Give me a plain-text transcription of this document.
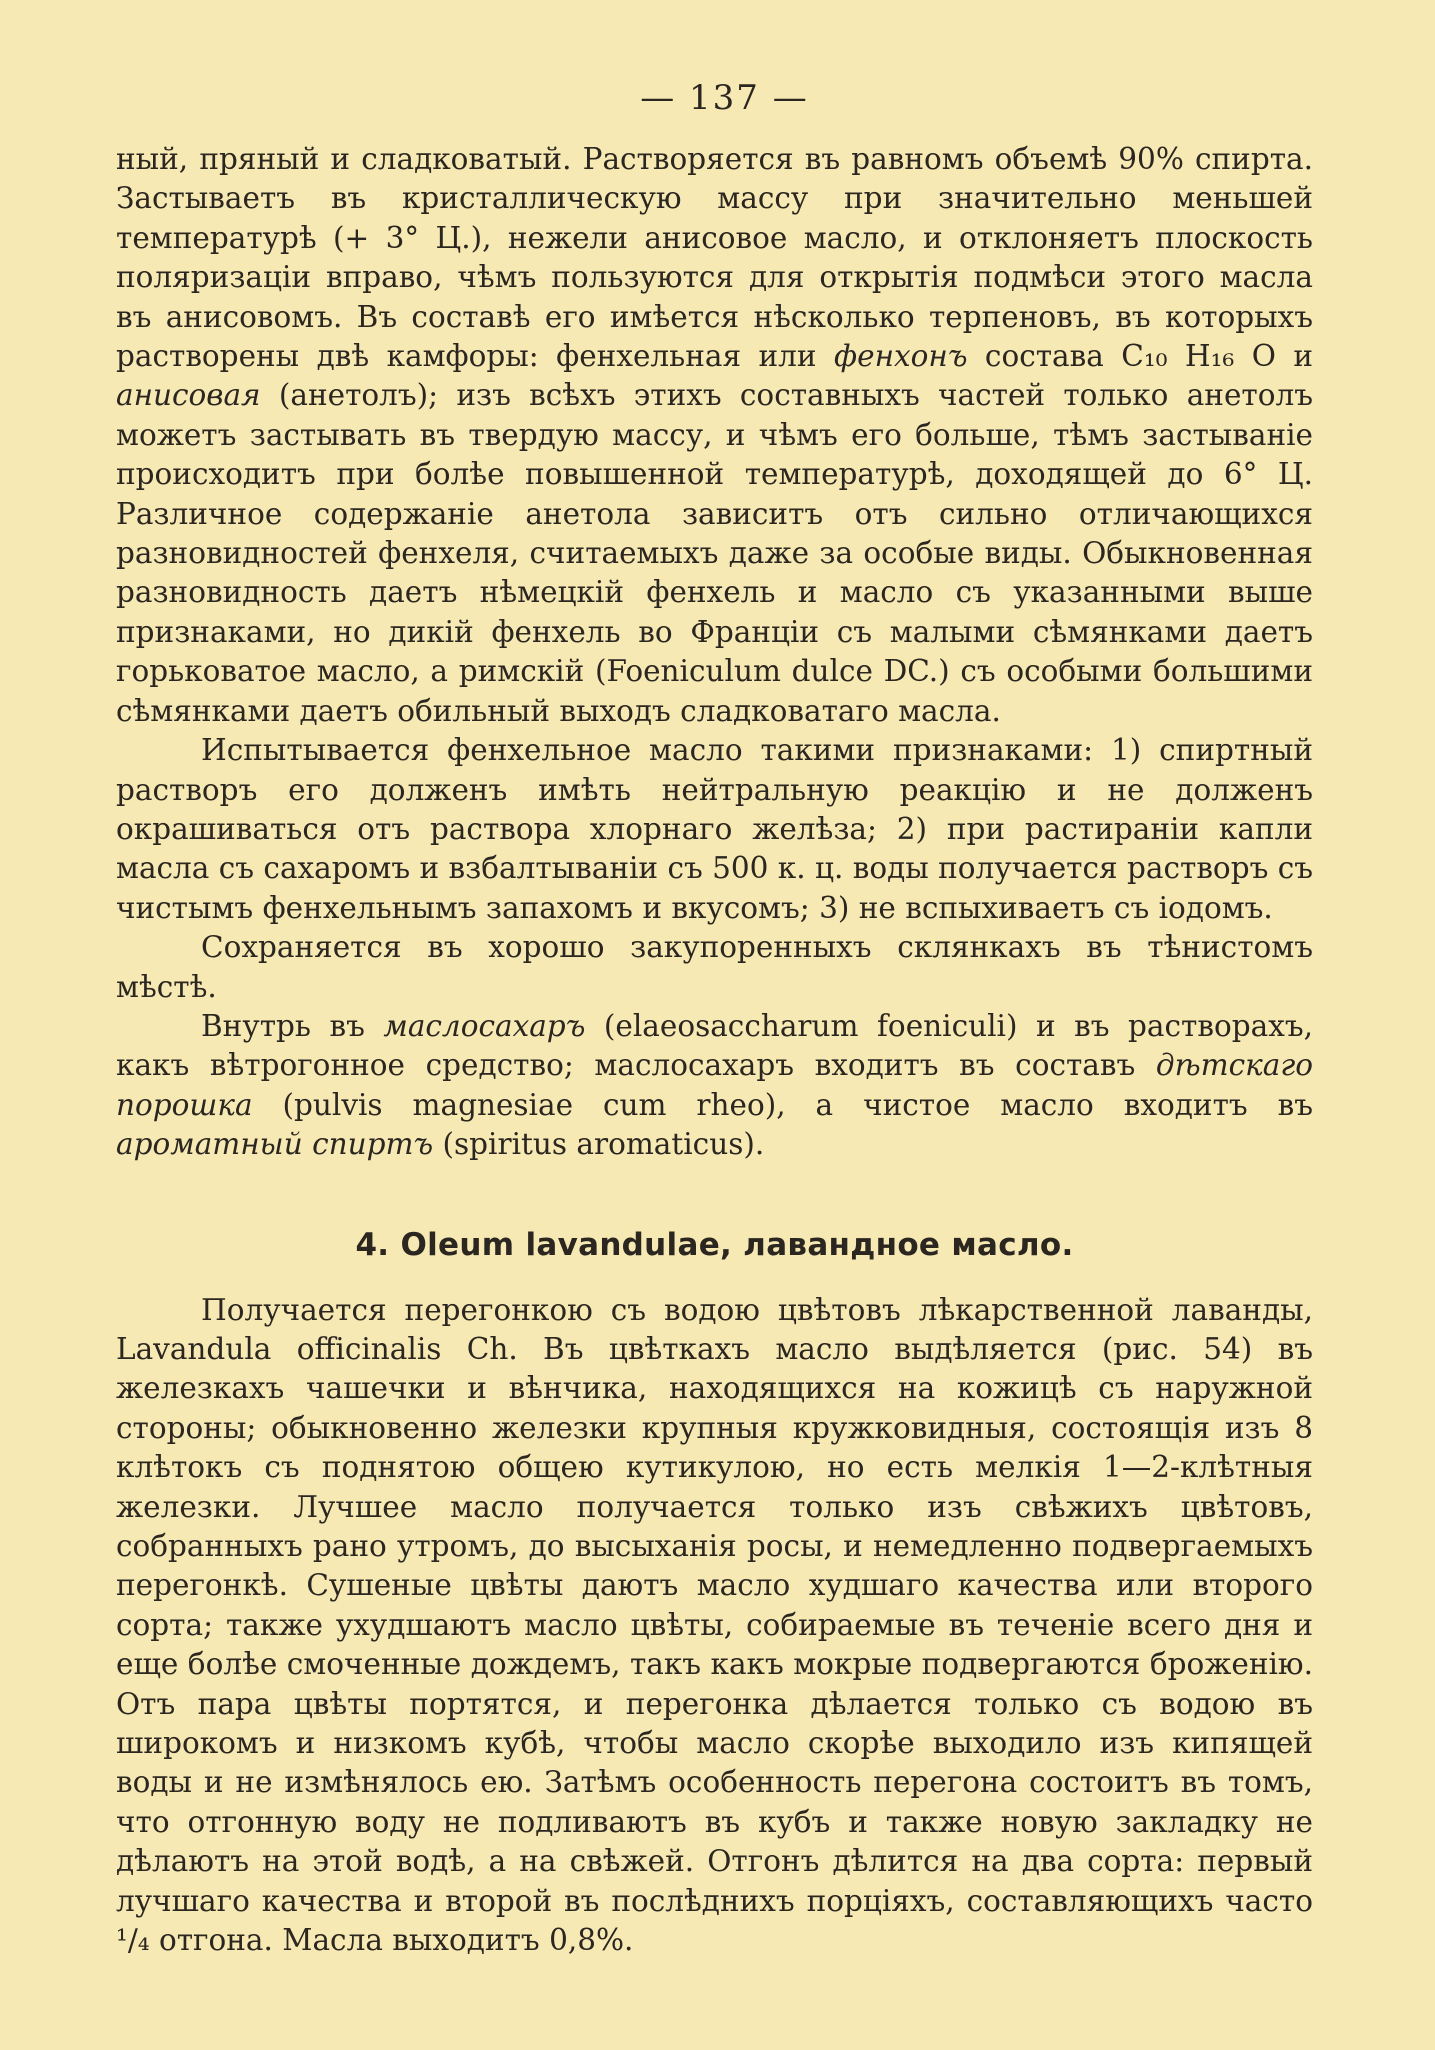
— 137 —

ный, пряный и сладковатый. Растворяется въ равномъ объемѣ 90% спирта. Застываетъ въ кристаллическую массу при значительно меньшей температурѣ (+ 3° Ц.), нежели анисовое масло, и отклоняетъ плоскость поляризаціи вправо, чѣмъ пользуются для открытія подмѣси этого масла въ анисовомъ. Въ составѣ его имѣется нѣсколько терпеновъ, въ которыхъ растворены двѣ камфоры: фенхельная или фенхонъ состава C₁₀ H₁₆ O и анисовая (анетолъ); изъ всѣхъ этихъ составныхъ частей только анетолъ можетъ застывать въ твердую массу, и чѣмъ его больше, тѣмъ застываніе происходитъ при болѣе повышенной температурѣ, доходящей до 6° Ц. Различное содержаніе анетола зависитъ отъ сильно отличающихся разновидностей фенхеля, считаемыхъ даже за особые виды. Обыкновенная разновидность даетъ нѣмецкій фенхель и масло съ указанными выше признаками, но дикій фенхель во Франціи съ малыми сѣмянками даетъ горьковатое масло, а римскій (Foeniculum dulce DC.) съ особыми большими сѣмянками даетъ обильный выходъ сладковатаго масла.

Испытывается фенхельное масло такими признаками: 1) спиртный растворъ его долженъ имѣть нейтральную реакцію и не долженъ окрашиваться отъ раствора хлорнаго желѣза; 2) при растираніи капли масла съ сахаромъ и взбалтываніи съ 500 к. ц. воды получается растворъ съ чистымъ фенхельнымъ запахомъ и вкусомъ; 3) не вспыхиваетъ съ іодомъ.

Сохраняется въ хорошо закупоренныхъ склянкахъ въ тѣнистомъ мѣстѣ.

Внутрь въ маслосахаръ (elaeosaccharum foeniculi) и въ растворахъ, какъ вѣтрогонное средство; маслосахаръ входитъ въ составъ дѣтскаго порошка (pulvis magnesiae cum rheo), а чистое масло входитъ въ ароматный спиртъ (spiritus aromaticus).

4. Oleum lavandulae, лавандное масло.

Получается перегонкою съ водою цвѣтовъ лѣкарственной лаванды, Lavandula officinalis Ch. Въ цвѣткахъ масло выдѣляется (рис. 54) въ железкахъ чашечки и вѣнчика, находящихся на кожицѣ съ наружной стороны; обыкновенно железки крупныя кружковидныя, состоящія изъ 8 клѣтокъ съ поднятою общею кутикулою, но есть мелкія 1—2-клѣтныя железки. Лучшее масло получается только изъ свѣжихъ цвѣтовъ, собранныхъ рано утромъ, до высыханія росы, и немедленно подвергаемыхъ перегонкѣ. Сушеные цвѣты даютъ масло худшаго качества или второго сорта; также ухудшаютъ масло цвѣты, собираемые въ теченіе всего дня и еще болѣе смоченные дождемъ, такъ какъ мокрые подвергаются броженію. Отъ пара цвѣты портятся, и перегонка дѣлается только съ водою въ широкомъ и низкомъ кубѣ, чтобы масло скорѣе выходило изъ кипящей воды и не измѣнялось ею. Затѣмъ особенность перегона состоитъ въ томъ, что отгонную воду не подливаютъ въ кубъ и также новую закладку не дѣлаютъ на этой водѣ, а на свѣжей. Отгонъ дѣлится на два сорта: первый лучшаго качества и второй въ послѣднихъ порціяхъ, составляющихъ часто ¹/₄ отгона. Масла выходитъ 0,8%.
